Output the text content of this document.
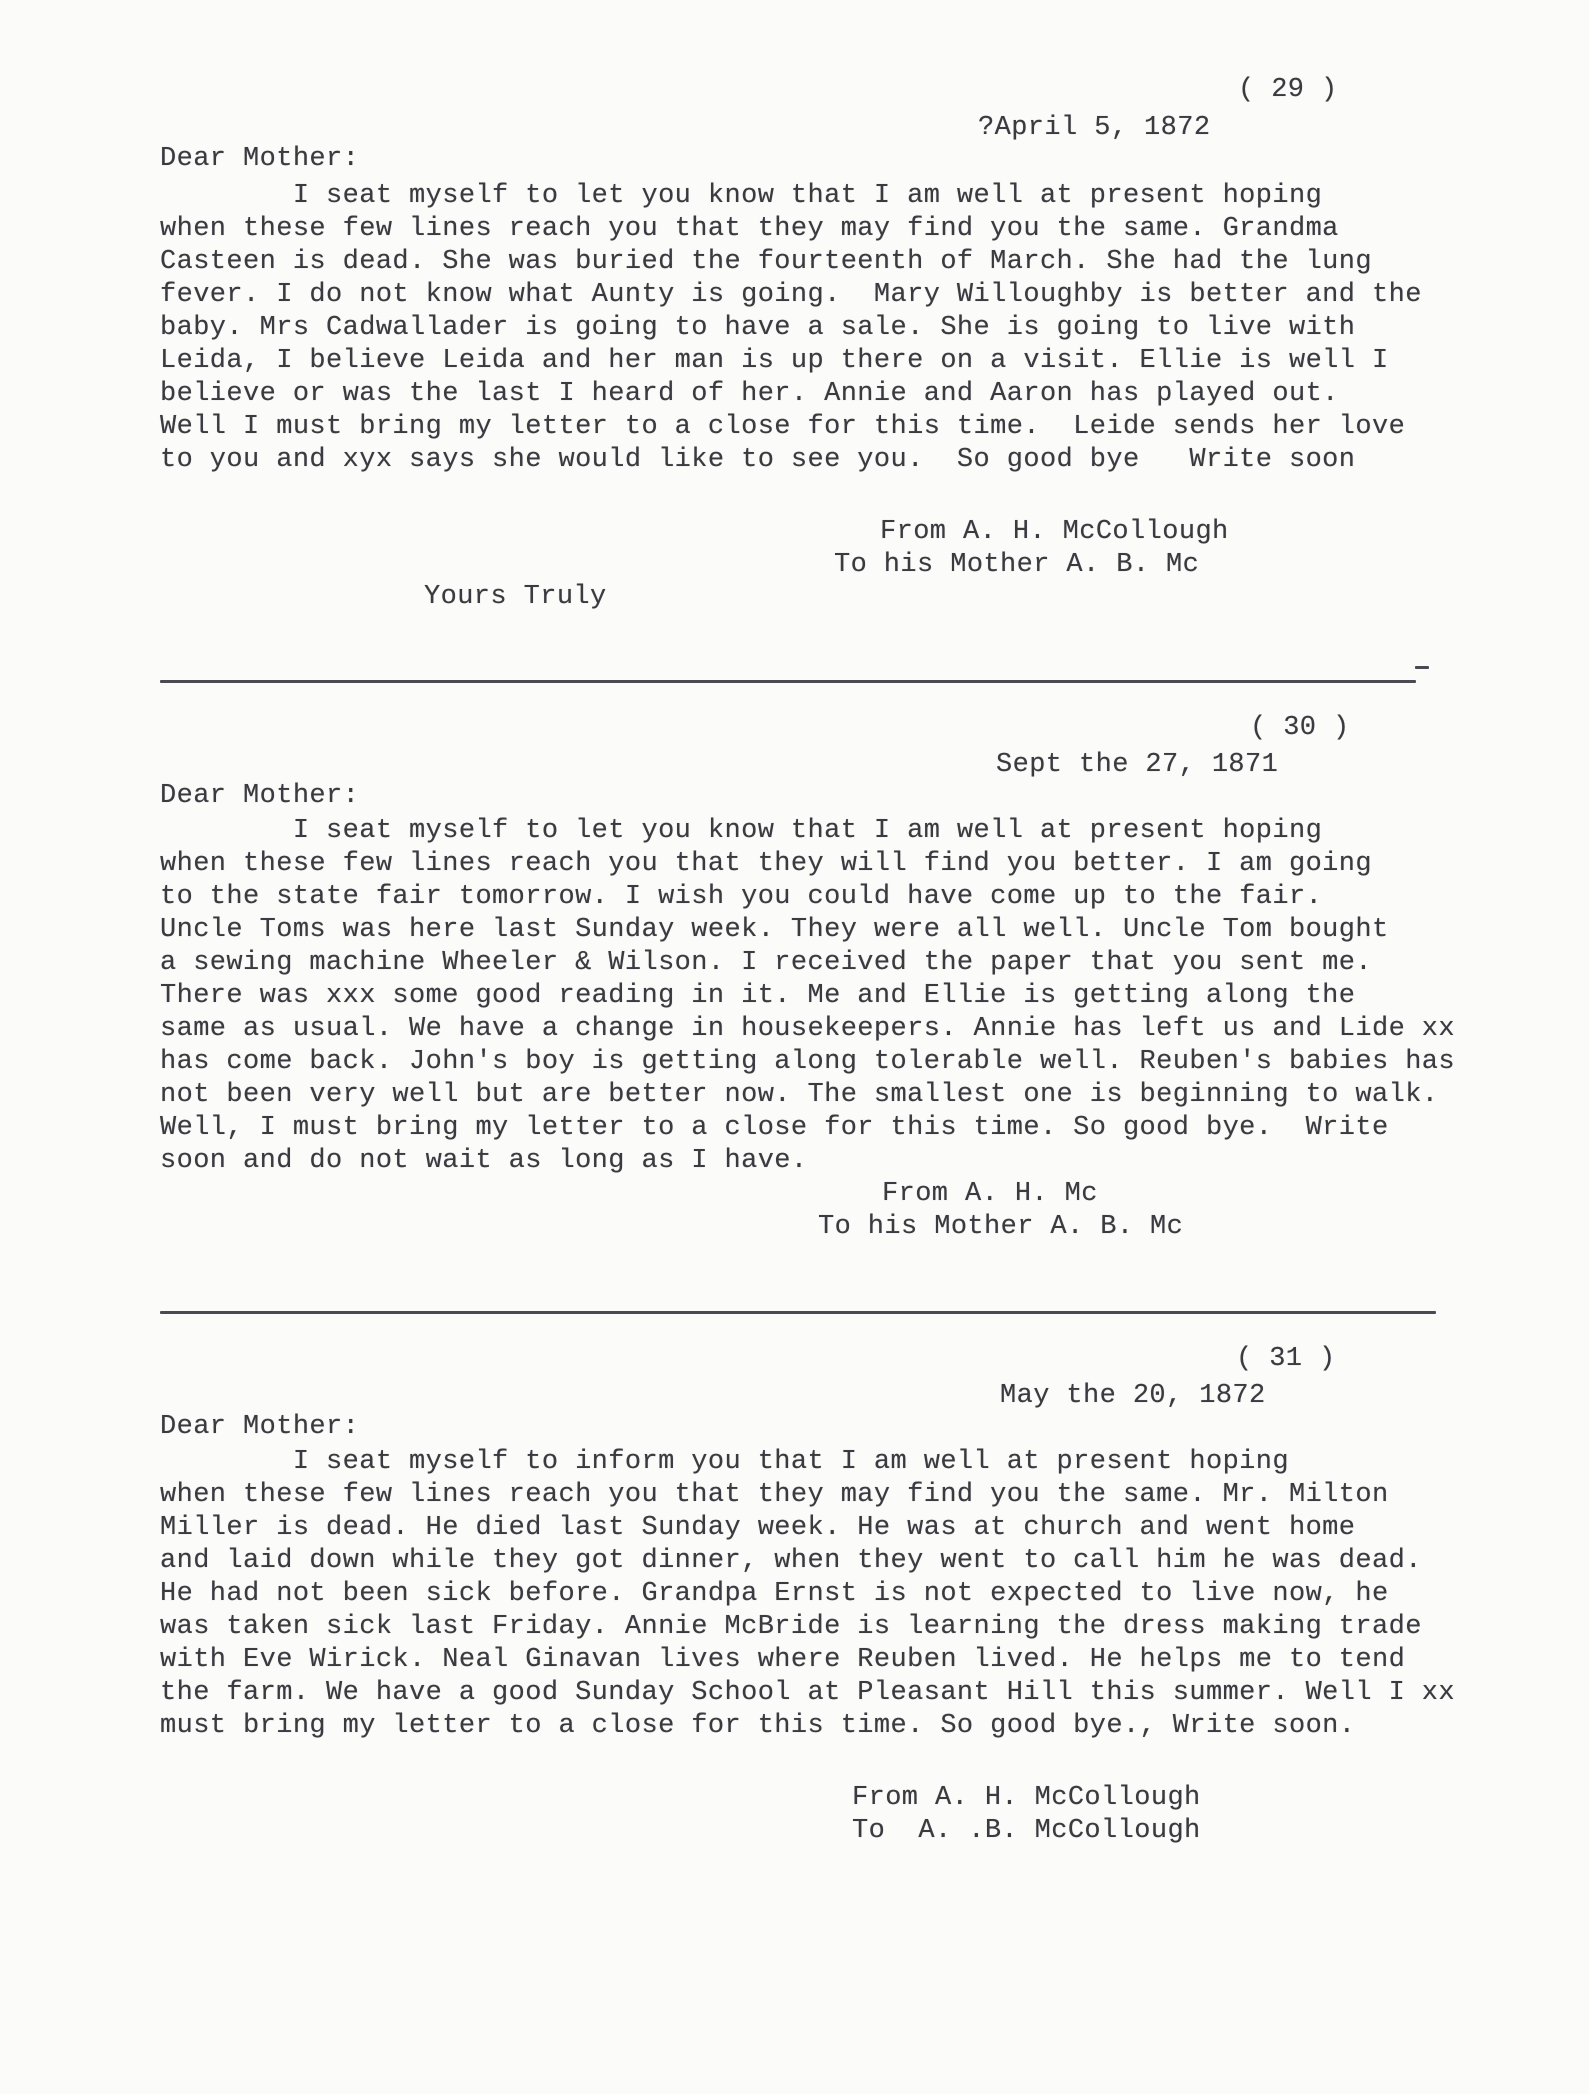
( 29 )
?April 5, 1872
Dear Mother:
I seat myself to let you know that I am well at present hoping
when these few lines reach you that they may find you the same. Grandma
Casteen is dead. She was buried the fourteenth of March. She had the lung
fever. I do not know what Aunty is going.  Mary Willoughby is better and the
baby. Mrs Cadwallader is going to have a sale. She is going to live with
Leida, I believe Leida and her man is up there on a visit. Ellie is well I
believe or was the last I heard of her. Annie and Aaron has played out.
Well I must bring my letter to a close for this time.  Leide sends her love
to you and xyx says she would like to see you.  So good bye   Write soon
From A. H. McCollough
To his Mother A. B. Mc
Yours Truly
( 30 )
Sept the 27, 1871
Dear Mother:
I seat myself to let you know that I am well at present hoping
when these few lines reach you that they will find you better. I am going
to the state fair tomorrow. I wish you could have come up to the fair.
Uncle Toms was here last Sunday week. They were all well. Uncle Tom bought
a sewing machine Wheeler & Wilson. I received the paper that you sent me.
There was xxx some good reading in it. Me and Ellie is getting along the
same as usual. We have a change in housekeepers. Annie has left us and Lide xx
has come back. John's boy is getting along tolerable well. Reuben's babies has
not been very well but are better now. The smallest one is beginning to walk.
Well, I must bring my letter to a close for this time. So good bye.  Write
soon and do not wait as long as I have.
From A. H. Mc
To his Mother A. B. Mc
( 31 )
May the 20, 1872
Dear Mother:
I seat myself to inform you that I am well at present hoping
when these few lines reach you that they may find you the same. Mr. Milton
Miller is dead. He died last Sunday week. He was at church and went home
and laid down while they got dinner, when they went to call him he was dead.
He had not been sick before. Grandpa Ernst is not expected to live now, he
was taken sick last Friday. Annie McBride is learning the dress making trade
with Eve Wirick. Neal Ginavan lives where Reuben lived. He helps me to tend
the farm. We have a good Sunday School at Pleasant Hill this summer. Well I xx
must bring my letter to a close for this time. So good bye., Write soon.
From A. H. McCollough
To  A. .B. McCollough
